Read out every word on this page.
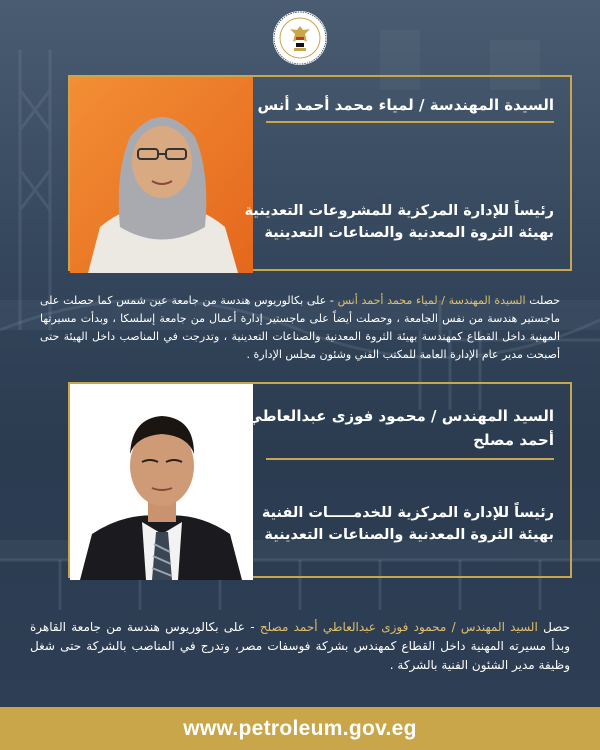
السيدة المهندسة / لمياء محمد أحمد أنس
رئيساً للإدارة المركزية للمشروعات التعدينية
بهيئة الثروة المعدنية والصناعات التعدينية
حصلت السيدة المهندسة / لمياء محمد أحمد أنس - على بكالوريوس هندسة من جامعة عين شمس كما حصلت على ماجستير هندسة من نفس الجامعة ، وحصلت أيضاً على ماجستير إدارة أعمال من جامعة إسلسكا ، وبدأت مسيرتها المهنية داخل القطاع كمهندسة بهيئة الثروة المعدنية والصناعات التعدينية ، وتدرجت في المناصب داخل الهيئة حتى أصبحت مدير عام الإدارة العامة للمكتب الفني وشئون مجلس الإدارة .
السيد المهندس / محمود فوزى عبدالعاطي
أحمد مصلح
رئيساً للإدارة المركزية للخدمـــــات الفنية
بهيئة الثروة المعدنية والصناعات التعدينية
حصل السيد المهندس / محمود فوزى عبدالعاطي أحمد مصلح - على بكالوريوس هندسة من جامعة القاهرة وبدأ مسيرته المهنية داخل القطاع كمهندس بشركة فوسفات مصر، وتدرج في المناصب بالشركة حتى شغل وظيفة مدير الشئون الفنية بالشركة .
www.petroleum.gov.eg
